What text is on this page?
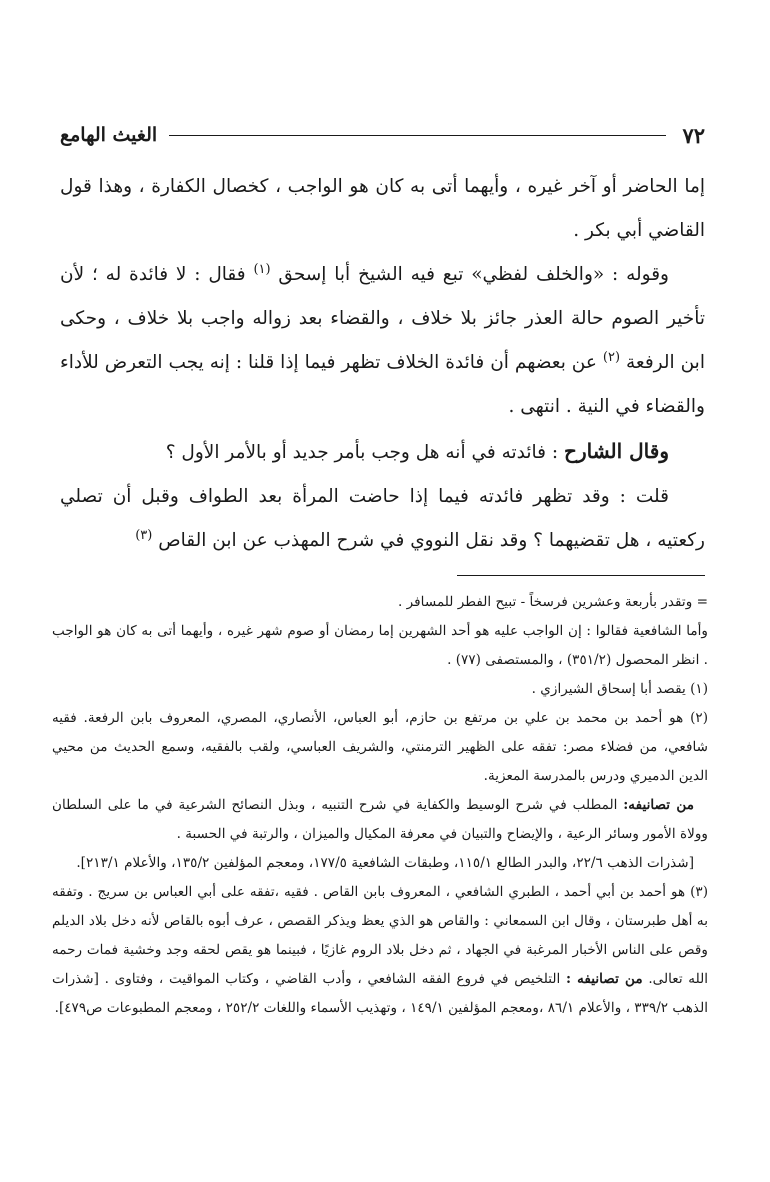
٧٢
الغيث الهامع

إما الحاضر أو آخر غيره ، وأيهما أتى به كان هو الواجب ، كخصال الكفارة ، وهذا قول القاضي أبي بكر .

وقوله : «والخلف لفظي» تبع فيه الشيخ أبا إسحق $^{(١)}$ فقال : لا فائدة له ؛ لأن تأخير الصوم حالة العذر جائز بلا خلاف ، والقضاء بعد زواله واجب بلا خلاف ، وحكى ابن الرفعة $^{(٢)}$ عن بعضهم أن فائدة الخلاف تظهر فيما إذا قلنا : إنه يجب التعرض للأداء والقضاء في النية . انتهى .

وقال الشارح : فائدته في أنه هل وجب بأمر جديد أو بالأمر الأول ؟

قلت : وقد تظهر فائدته فيما إذا حاضت المرأة بعد الطواف وقبل أن تصلي ركعتيه ، هل تقضيهما ؟ وقد نقل النووي في شرح المهذب عن ابن القاص $^{(٣)}$

= وتقدر بأربعة وعشرين فرسخاً - تبيح الفطر للمسافر .

وأما الشافعية فقالوا : إن الواجب عليه هو أحد الشهرين إما رمضان أو صوم شهر غيره ، وأيهما أتى به كان هو الواجب . انظر المحصول (٣٥١/٢) ، والمستصفى (٧٧) .

(١) يقصد أبا إسحاق الشيرازي .

(٢) هو أحمد بن محمد بن علي بن مرتفع بن حازم، أبو العباس، الأنصاري، المصري، المعروف بابن الرفعة. فقيه شافعي، من فضلاء مصر: تفقه على الظهير الترمنتي، والشريف العباسي، ولقب بالفقيه، وسمع الحديث من محيي الدين الدميري ودرس بالمدرسة المعزية.

من تصانيفه: المطلب في شرح الوسيط والكفاية في شرح التنبيه ، وبذل النصائح الشرعية في ما على السلطان وولاة الأمور وسائر الرعية ، والإيضاح والتبيان في معرفة المكيال والميزان ، والرتبة في الحسبة .

[شذرات الذهب ٢٢/٦، والبدر الطالع ١١٥/١، وطبقات الشافعية ١٧٧/٥، ومعجم المؤلفين ١٣٥/٢، والأعلام ٢١٣/١].

(٣) هو أحمد بن أبي أحمد ، الطبري الشافعي ، المعروف بابن القاص . فقيه ،تفقه على أبي العباس بن سريج . وتفقه به أهل طبرستان ، وقال ابن السمعاني : والقاص هو الذي يعظ ويذكر القصص ، عرف أبوه بالقاص لأنه دخل بلاد الديلم وقص على الناس الأخبار المرغبة في الجهاد ، ثم دخل بلاد الروم غازيًا ، فبينما هو يقص لحقه وجد وخشية فمات رحمه الله تعالى. من تصانيفه : التلخيص في فروع الفقه الشافعي ، وأدب القاضي ، وكتاب المواقيت ، وفتاوى . [شذرات الذهب ٣٣٩/٢ ، والأعلام ٨٦/١ ،ومعجم المؤلفين ١٤٩/١ ، وتهذيب الأسماء واللغات ٢٥٢/٢ ، ومعجم المطبوعات ص٤٧٩].
